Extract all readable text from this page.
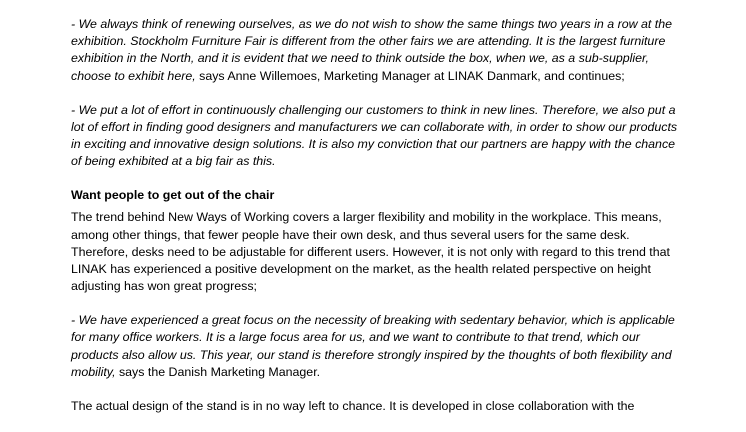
- We always think of renewing ourselves, as we do not wish to show the same things two years in a row at the exhibition. Stockholm Furniture Fair is different from the other fairs we are attending. It is the largest furniture exhibition in the North, and it is evident that we need to think outside the box, when we, as a sub-supplier, choose to exhibit here, says Anne Willemoes, Marketing Manager at LINAK Danmark, and continues;

- We put a lot of effort in continuously challenging our customers to think in new lines. Therefore, we also put a lot of effort in finding good designers and manufacturers we can collaborate with, in order to show our products in exciting and innovative design solutions. It is also my conviction that our partners are happy with the chance of being exhibited at a big fair as this.

Want people to get out of the chair

The trend behind New Ways of Working covers a larger flexibility and mobility in the workplace. This means, among other things, that fewer people have their own desk, and thus several users for the same desk. Therefore, desks need to be adjustable for different users. However, it is not only with regard to this trend that LINAK has experienced a positive development on the market, as the health related perspective on height adjusting has won great progress;

- We have experienced a great focus on the necessity of breaking with sedentary behavior, which is applicable for many office workers. It is a large focus area for us, and we want to contribute to that trend, which our products also allow us. This year, our stand is therefore strongly inspired by the thoughts of both flexibility and mobility, says the Danish Marketing Manager.

The actual design of the stand is in no way left to chance. It is developed in close collaboration with the
